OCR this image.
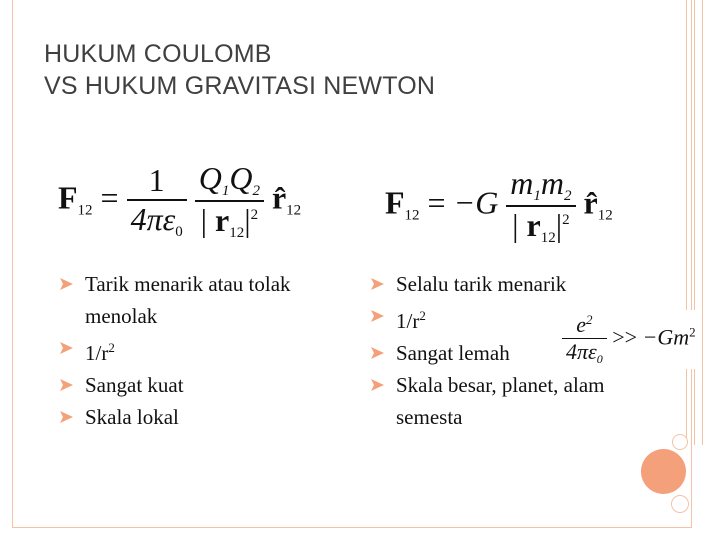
HUKUM COULOMB
VS HUKUM GRAVITASI NEWTON
$F_{12} = \frac{1}{4\pi\varepsilon_0}$
$\frac{Q_1Q_2}{| r_{12}|^2}$ $r̂_{12}$	$F_{12} = -G \frac{m_1m_2}{| r_{12}|^2}$ $r̂_{12}$
Tarik menarik atau tolak
menolak
$1/r^2$
Sangat kuat
Skala lokal
Selalu tarik menarik
$1/r^2$
Sangat lemah
Skala besar, planet, alam
semesta
$\frac{e^2}{4\pi\varepsilon_0} >> -Gm^2$
